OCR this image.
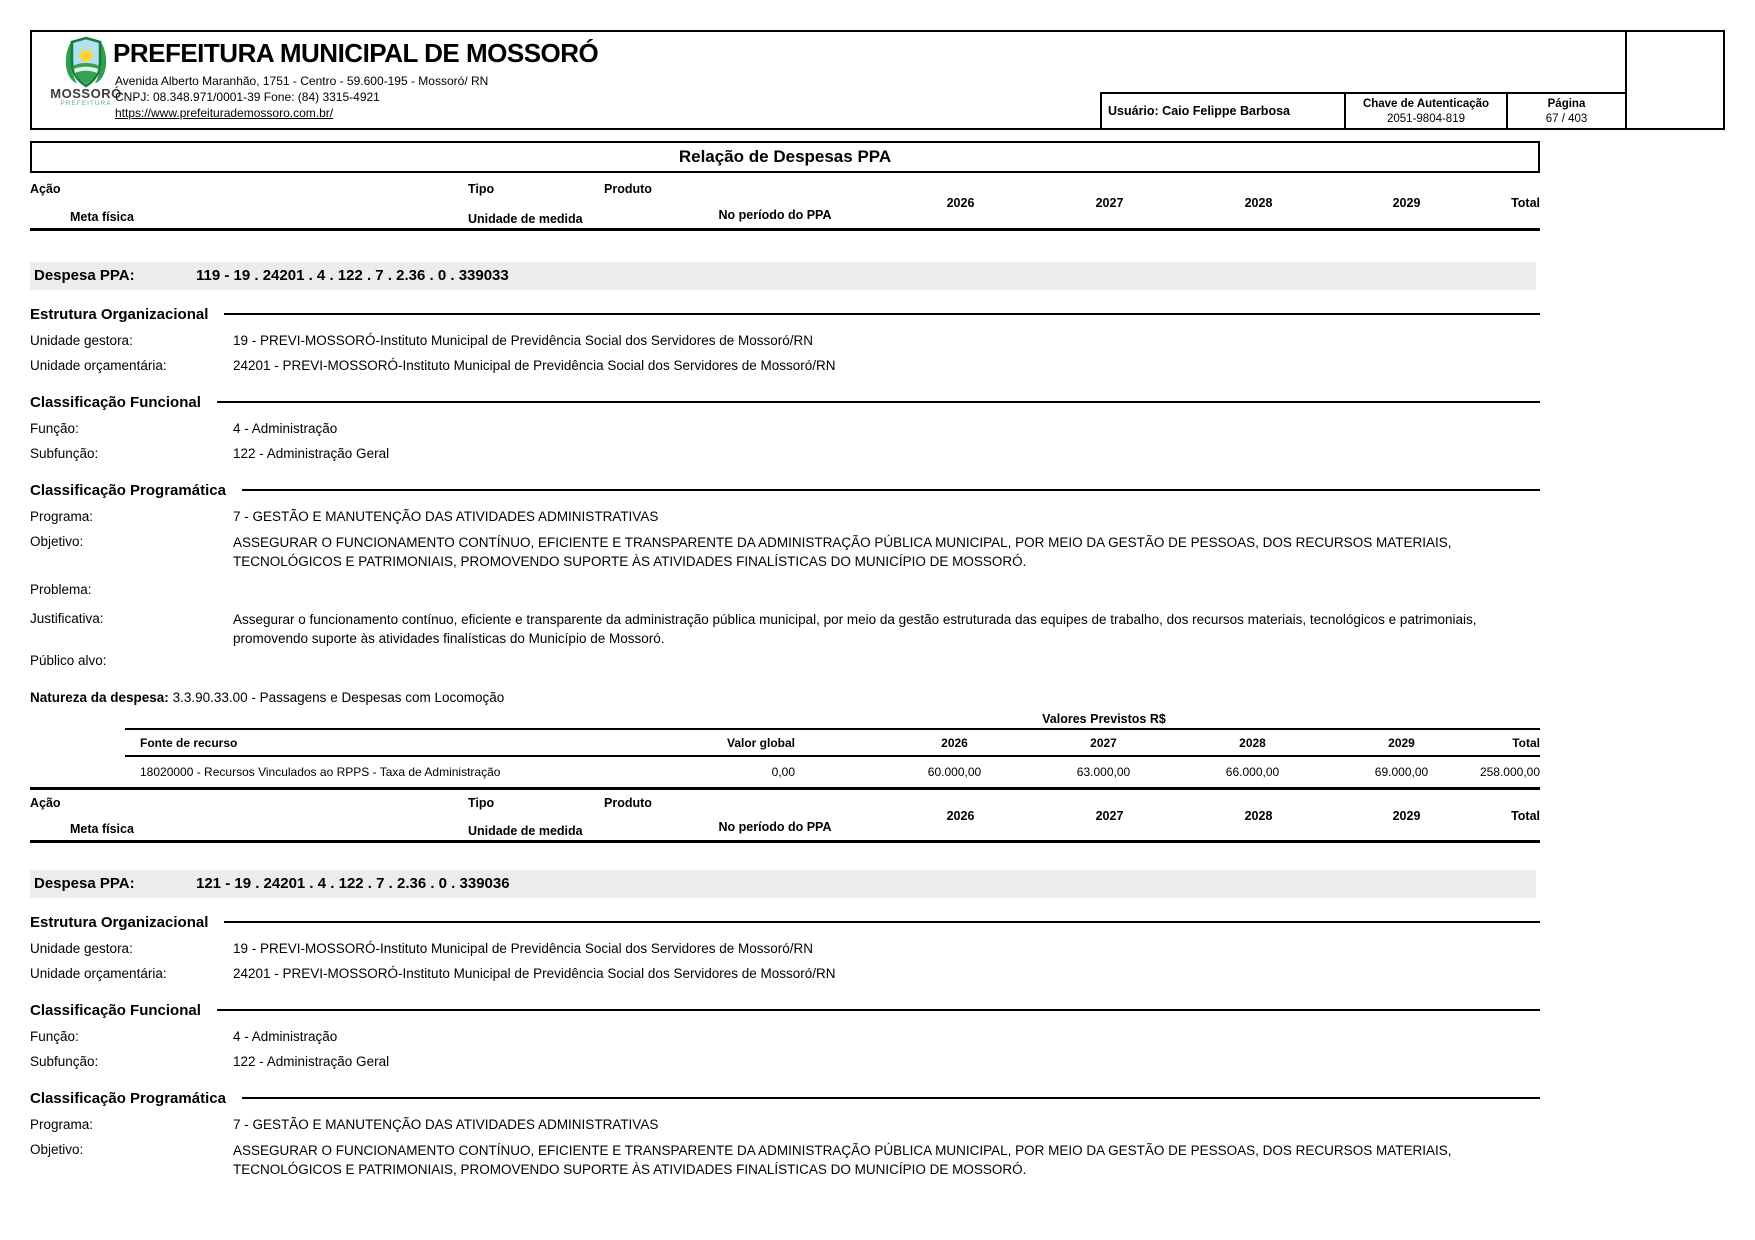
MOSSORÓ
PREFEITURA
PREFEITURA MUNICIPAL DE MOSSORÓ
Avenida Alberto Maranhão, 1751 - Centro - 59.600-195 - Mossoró/ RN
CNPJ: 08.348.971/0001-39 Fone: (84) 3315-4921
https://www.prefeiturademossoro.com.br/	Usuário: Caio Felippe Barbosa	Chave de Autenticação
2051-9804-819
Página
67 / 403
Relação de Despesas PPA
Ação	Tipo	Produto
Meta física	Unidade de medida	No período do PPA
2026	2027	2028	2029	Total
Despesa PPA:	119 - 19 . 24201 . 4 . 122 . 7 . 2.36 . 0 . 339033
Estrutura Organizacional
Unidade gestora:	19 - PREVI-MOSSORÓ-Instituto Municipal de Previdência Social dos Servidores de Mossoró/RN
Unidade orçamentária:	24201 - PREVI-MOSSORÓ-Instituto Municipal de Previdência Social dos Servidores de Mossoró/RN
Classificação Funcional
Função:	4 - Administração
Subfunção:	122 - Administração Geral
Classificação Programática
Programa:	7 - GESTÃO E MANUTENÇÃO DAS ATIVIDADES ADMINISTRATIVAS
Objetivo:	ASSEGURAR O FUNCIONAMENTO CONTÍNUO, EFICIENTE E TRANSPARENTE DA ADMINISTRAÇÃO PÚBLICA MUNICIPAL, POR MEIO DA GESTÃO DE PESSOAS, DOS RECURSOS MATERIAIS, TECNOLÓGICOS E PATRIMONIAIS, PROMOVENDO SUPORTE ÀS ATIVIDADES FINALÍSTICAS DO MUNICÍPIO DE MOSSORÓ.
Problema:
Justificativa:	Assegurar o funcionamento contínuo, eficiente e transparente da administração pública municipal, por meio da gestão estruturada das equipes de trabalho, dos recursos materiais, tecnológicos e patrimoniais, promovendo suporte às atividades finalísticas do Município de Mossoró.
Público alvo:
Natureza da despesa: 3.3.90.33.00 - Passagens e Despesas com Locomoção
Valores Previstos R$
Fonte de recurso	Valor global	2026	2027	2028	2029	Total
18020000 - Recursos Vinculados ao RPPS - Taxa de Administração	0,00	60.000,00	63.000,00	66.000,00	69.000,00	258.000,00
Ação	Tipo	Produto
Meta física	Unidade de medida	No período do PPA
2026	2027	2028	2029	Total
Despesa PPA:	121 - 19 . 24201 . 4 . 122 . 7 . 2.36 . 0 . 339036
Estrutura Organizacional
Unidade gestora:	19 - PREVI-MOSSORÓ-Instituto Municipal de Previdência Social dos Servidores de Mossoró/RN
Unidade orçamentária:	24201 - PREVI-MOSSORÓ-Instituto Municipal de Previdência Social dos Servidores de Mossoró/RN
Classificação Funcional
Função:	4 - Administração
Subfunção:	122 - Administração Geral
Classificação Programática
Programa:	7 - GESTÃO E MANUTENÇÃO DAS ATIVIDADES ADMINISTRATIVAS
Objetivo:	ASSEGURAR O FUNCIONAMENTO CONTÍNUO, EFICIENTE E TRANSPARENTE DA ADMINISTRAÇÃO PÚBLICA MUNICIPAL, POR MEIO DA GESTÃO DE PESSOAS, DOS RECURSOS MATERIAIS, TECNOLÓGICOS E PATRIMONIAIS, PROMOVENDO SUPORTE ÀS ATIVIDADES FINALÍSTICAS DO MUNICÍPIO DE MOSSORÓ.
